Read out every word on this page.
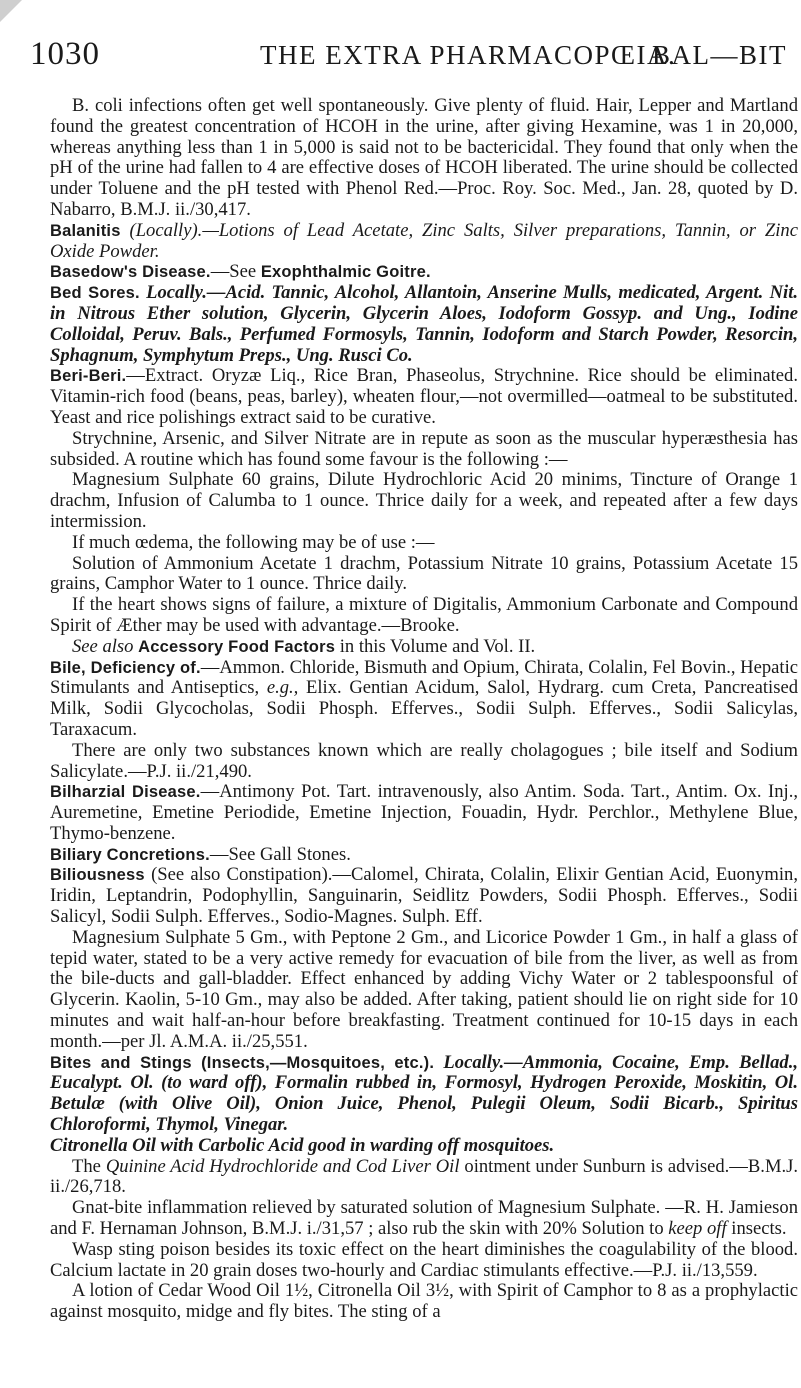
1030	THE EXTRA PHARMACOPŒIA.
BAL—BIT

B. coli infections often get well spontaneously. Give plenty of fluid. Hair, Lepper and Martland found the greatest concentration of HCOH in the urine, after giving Hexamine, was 1 in 20,000, whereas anything less than 1 in 5,000 is said not to be bactericidal. They found that only when the pH of the urine had fallen to 4 are effective doses of HCOH liberated. The urine should be collected under Toluene and the pH tested with Phenol Red.—Proc. Roy. Soc. Med., Jan. 28, quoted by D. Nabarro, B.M.J. ii./30,417.

Balanitis (Locally).—Lotions of Lead Acetate, Zinc Salts, Silver preparations, Tannin, or Zinc Oxide Powder.

Basedow's Disease.—See Exophthalmic Goitre.

Bed Sores. Locally.—Acid. Tannic, Alcohol, Allantoin, Anserine Mulls, medicated, Argent. Nit. in Nitrous Ether solution, Glycerin, Glycerin Aloes, Iodoform Gossyp. and Ung., Iodine Colloidal, Peruv. Bals., Perfumed Formosyls, Tannin, Iodoform and Starch Powder, Resorcin, Sphagnum, Symphytum Preps., Ung. Rusci Co.

Beri-Beri.—Extract. Oryzæ Liq., Rice Bran, Phaseolus, Strychnine. Rice should be eliminated. Vitamin-rich food (beans, peas, barley), wheaten flour,—not overmilled—oatmeal to be substituted. Yeast and rice polishings extract said to be curative.

Strychnine, Arsenic, and Silver Nitrate are in repute as soon as the muscular hyperæsthesia has subsided. A routine which has found some favour is the following :—

Magnesium Sulphate 60 grains, Dilute Hydrochloric Acid 20 minims, Tincture of Orange 1 drachm, Infusion of Calumba to 1 ounce. Thrice daily for a week, and repeated after a few days intermission.

If much œdema, the following may be of use :—

Solution of Ammonium Acetate 1 drachm, Potassium Nitrate 10 grains, Potassium Acetate 15 grains, Camphor Water to 1 ounce. Thrice daily.

If the heart shows signs of failure, a mixture of Digitalis, Ammonium Carbonate and Compound Spirit of Æther may be used with advantage.—Brooke.

See also Accessory Food Factors in this Volume and Vol. II.

Bile, Deficiency of.—Ammon. Chloride, Bismuth and Opium, Chirata, Colalin, Fel Bovin., Hepatic Stimulants and Antiseptics, e.g., Elix. Gentian Acidum, Salol, Hydrarg. cum Creta, Pancreatised Milk, Sodii Glycocholas, Sodii Phosph. Efferves., Sodii Sulph. Efferves., Sodii Salicylas, Taraxacum.

There are only two substances known which are really cholagogues ; bile itself and Sodium Salicylate.—P.J. ii./21,490.

Bilharzial Disease.—Antimony Pot. Tart. intravenously, also Antim. Soda. Tart., Antim. Ox. Inj., Auremetine, Emetine Periodide, Emetine Injection, Fouadin, Hydr. Perchlor., Methylene Blue, Thymo-benzene.

Biliary Concretions.—See Gall Stones.

Biliousness (See also Constipation).—Calomel, Chirata, Colalin, Elixir Gentian Acid, Euonymin, Iridin, Leptandrin, Podophyllin, Sanguinarin, Seidlitz Powders, Sodii Phosph. Efferves., Sodii Salicyl, Sodii Sulph. Efferves., Sodio-Magnes. Sulph. Eff.

Magnesium Sulphate 5 Gm., with Peptone 2 Gm., and Licorice Powder 1 Gm., in half a glass of tepid water, stated to be a very active remedy for evacuation of bile from the liver, as well as from the bile-ducts and gall-bladder. Effect enhanced by adding Vichy Water or 2 tablespoonsful of Glycerin. Kaolin, 5-10 Gm., may also be added. After taking, patient should lie on right side for 10 minutes and wait half-an-hour before breakfasting. Treatment continued for 10-15 days in each month.—per Jl. A.M.A. ii./25,551.

Bites and Stings (Insects,—Mosquitoes, etc.). Locally.—Ammonia, Cocaine, Emp. Bellad., Eucalypt. Ol. (to ward off), Formalin rubbed in, Formosyl, Hydrogen Peroxide, Moskitin, Ol. Betulæ (with Olive Oil), Onion Juice, Phenol, Pulegii Oleum, Sodii Bicarb., Spiritus Chloroformi, Thymol, Vinegar.

Citronella Oil with Carbolic Acid good in warding off mosquitoes.

The Quinine Acid Hydrochloride and Cod Liver Oil ointment under Sunburn is advised.—B.M.J. ii./26,718.

Gnat-bite inflammation relieved by saturated solution of Magnesium Sulphate. —R. H. Jamieson and F. Hernaman Johnson, B.M.J. i./31,57 ; also rub the skin with 20% Solution to keep off insects.

Wasp sting poison besides its toxic effect on the heart diminishes the coagulability of the blood. Calcium lactate in 20 grain doses two-hourly and Cardiac stimulants effective.—P.J. ii./13,559.

A lotion of Cedar Wood Oil 1½, Citronella Oil 3½, with Spirit of Camphor to 8 as a prophylactic against mosquito, midge and fly bites. The sting of a
